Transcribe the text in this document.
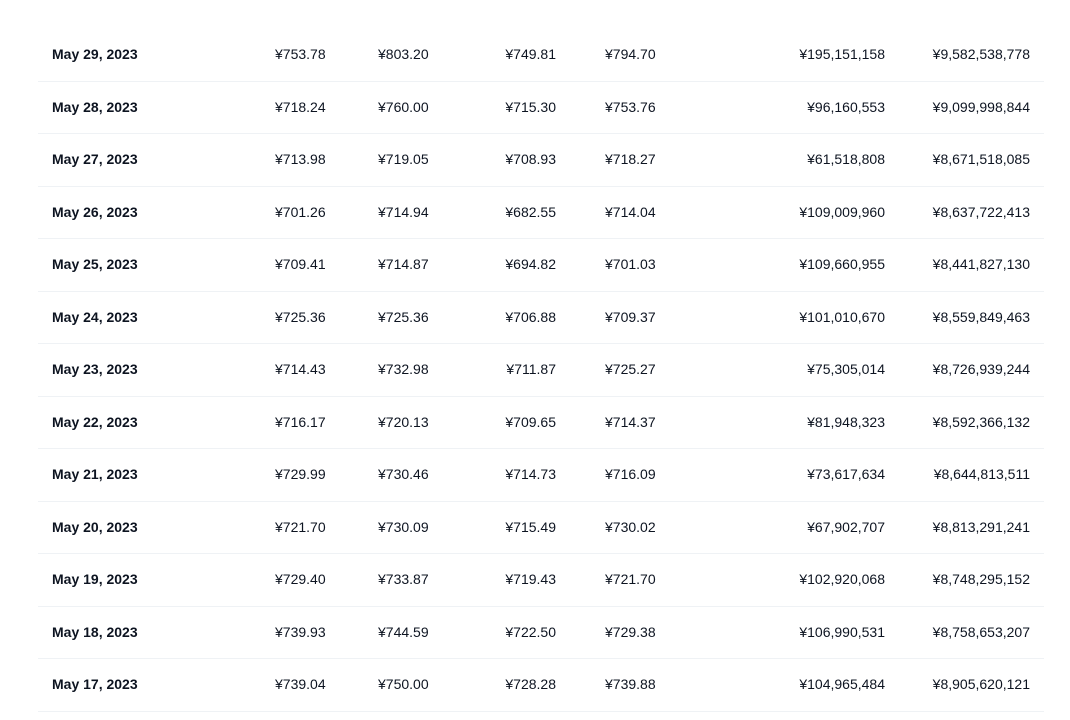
May 29, 2023	¥753.78	¥803.20	¥749.81	¥794.70	¥195,151,158	¥9,582,538,778
May 28, 2023	¥718.24	¥760.00	¥715.30	¥753.76	¥96,160,553	¥9,099,998,844
May 27, 2023	¥713.98	¥719.05	¥708.93	¥718.27	¥61,518,808	¥8,671,518,085
May 26, 2023	¥701.26	¥714.94	¥682.55	¥714.04	¥109,009,960	¥8,637,722,413
May 25, 2023	¥709.41	¥714.87	¥694.82	¥701.03	¥109,660,955	¥8,441,827,130
May 24, 2023	¥725.36	¥725.36	¥706.88	¥709.37	¥101,010,670	¥8,559,849,463
May 23, 2023	¥714.43	¥732.98	¥711.87	¥725.27	¥75,305,014	¥8,726,939,244
May 22, 2023	¥716.17	¥720.13	¥709.65	¥714.37	¥81,948,323	¥8,592,366,132
May 21, 2023	¥729.99	¥730.46	¥714.73	¥716.09	¥73,617,634	¥8,644,813,511
May 20, 2023	¥721.70	¥730.09	¥715.49	¥730.02	¥67,902,707	¥8,813,291,241
May 19, 2023	¥729.40	¥733.87	¥719.43	¥721.70	¥102,920,068	¥8,748,295,152
May 18, 2023	¥739.93	¥744.59	¥722.50	¥729.38	¥106,990,531	¥8,758,653,207
May 17, 2023	¥739.04	¥750.00	¥728.28	¥739.88	¥104,965,484	¥8,905,620,121
